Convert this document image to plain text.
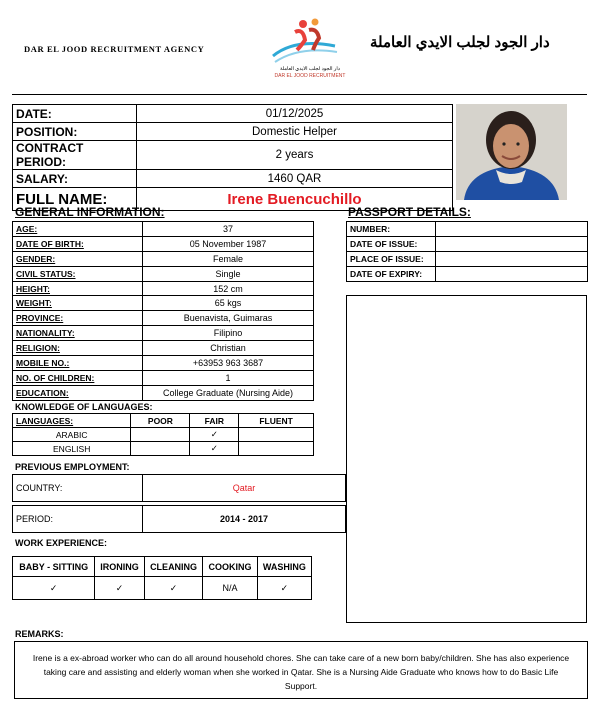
DAR EL JOOD RECRUITMENT AGENCY
دار الجود لجلب الايدي العاملة
DAR EL JOOD RECRUITMENT
دار الجود لجلب الايدي العاملة
DATE:	01/12/2025
POSITION:	Domestic Helper
CONTRACT PERIOD:	2 years
SALARY:	1460 QAR
FULL NAME:	Irene Buencuchillo
GENERAL INFORMATION:	PASSPORT DETAILS:
AGE:	37
DATE OF BIRTH:	05 November 1987
GENDER:	Female
CIVIL STATUS:	Single
HEIGHT:	152 cm
WEIGHT:	65 kgs
PROVINCE:	Buenavista, Guimaras
NATIONALITY:	Filipino
RELIGION:	Christian
MOBILE NO.:	+63953 963 3687
NO. OF CHILDREN:	1
EDUCATION:	College Graduate (Nursing Aide)
NUMBER:	
DATE OF ISSUE:	
PLACE OF ISSUE:	
DATE OF EXPIRY:	
KNOWLEDGE OF LANGUAGES:
LANGUAGES:	POOR	FAIR	FLUENT
ARABIC		✓	
ENGLISH		✓	
PREVIOUS EMPLOYMENT:
COUNTRY:	Qatar

PERIOD:	2014 - 2017
WORK EXPERIENCE:
BABY - SITTING	IRONING	CLEANING	COOKING	WASHING
✓	✓	✓	N/A	✓
REMARKS:
Irene is a ex-abroad worker who can do all around household chores. She can take care of a new born baby/children. She has also experience taking care and assisting and elderly woman when she worked in Qatar. She is a Nursing Aide Graduate who knows how to do Basic Life Support.
